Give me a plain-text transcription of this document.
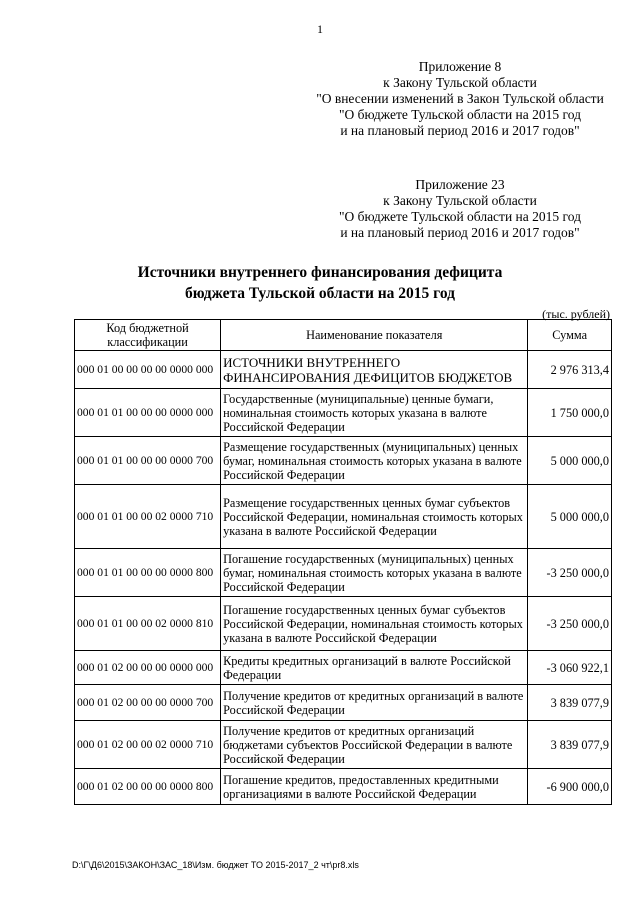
1
Приложение 8
к Закону Тульской области
"О внесении изменений в Закон Тульской области
"О бюджете Тульской области на 2015 год
и на плановый период 2016 и 2017 годов"
Приложение 23
к Закону Тульской области
"О бюджете Тульской области на 2015 год
и на плановый период 2016 и 2017 годов"
Источники внутреннего финансирования дефицита
бюджета Тульской области на 2015 год
(тыс. рублей)
Код бюджетной классификации	Наименование показателя	Сумма
000 01 00 00 00 00 0000 000	ИСТОЧНИКИ ВНУТРЕННЕГО ФИНАНСИРОВАНИЯ ДЕФИЦИТОВ БЮДЖЕТОВ	2 976 313,4
000 01 01 00 00 00 0000 000	Государственные (муниципальные) ценные бумаги, номинальная стоимость которых указана в валюте Российской Федерации	1 750 000,0
000 01 01 00 00 00 0000 700	Размещение государственных (муниципальных) ценных бумаг, номинальная стоимость которых указана в валюте Российской Федерации	5 000 000,0
000 01 01 00 00 02 0000 710	Размещение государственных ценных бумаг субъектов Российской Федерации, номинальная стоимость которых указана в валюте Российской Федерации	5 000 000,0
000 01 01 00 00 00 0000 800	Погашение государственных (муниципальных) ценных бумаг, номинальная стоимость которых указана в валюте Российской Федерации	-3 250 000,0
000 01 01 00 00 02 0000 810	Погашение государственных ценных бумаг субъектов Российской Федерации, номинальная стоимость которых указана в валюте Российской Федерации	-3 250 000,0
000 01 02 00 00 00 0000 000	Кредиты кредитных организаций в валюте Российской Федерации	-3 060 922,1
000 01 02 00 00 00 0000 700	Получение кредитов от кредитных организаций в валюте Российской Федерации	3 839 077,9
000 01 02 00 00 02 0000 710	Получение кредитов от кредитных организаций бюджетами субъектов Российской Федерации в валюте Российской Федерации	3 839 077,9
000 01 02 00 00 00 0000 800	Погашение кредитов, предоставленных кредитными организациями в валюте Российской Федерации	-6 900 000,0
D:\Г\Д6\2015\ЗАКОН\ЗАС_18\Изм. бюджет ТО 2015-2017_2 чт\pr8.xls
